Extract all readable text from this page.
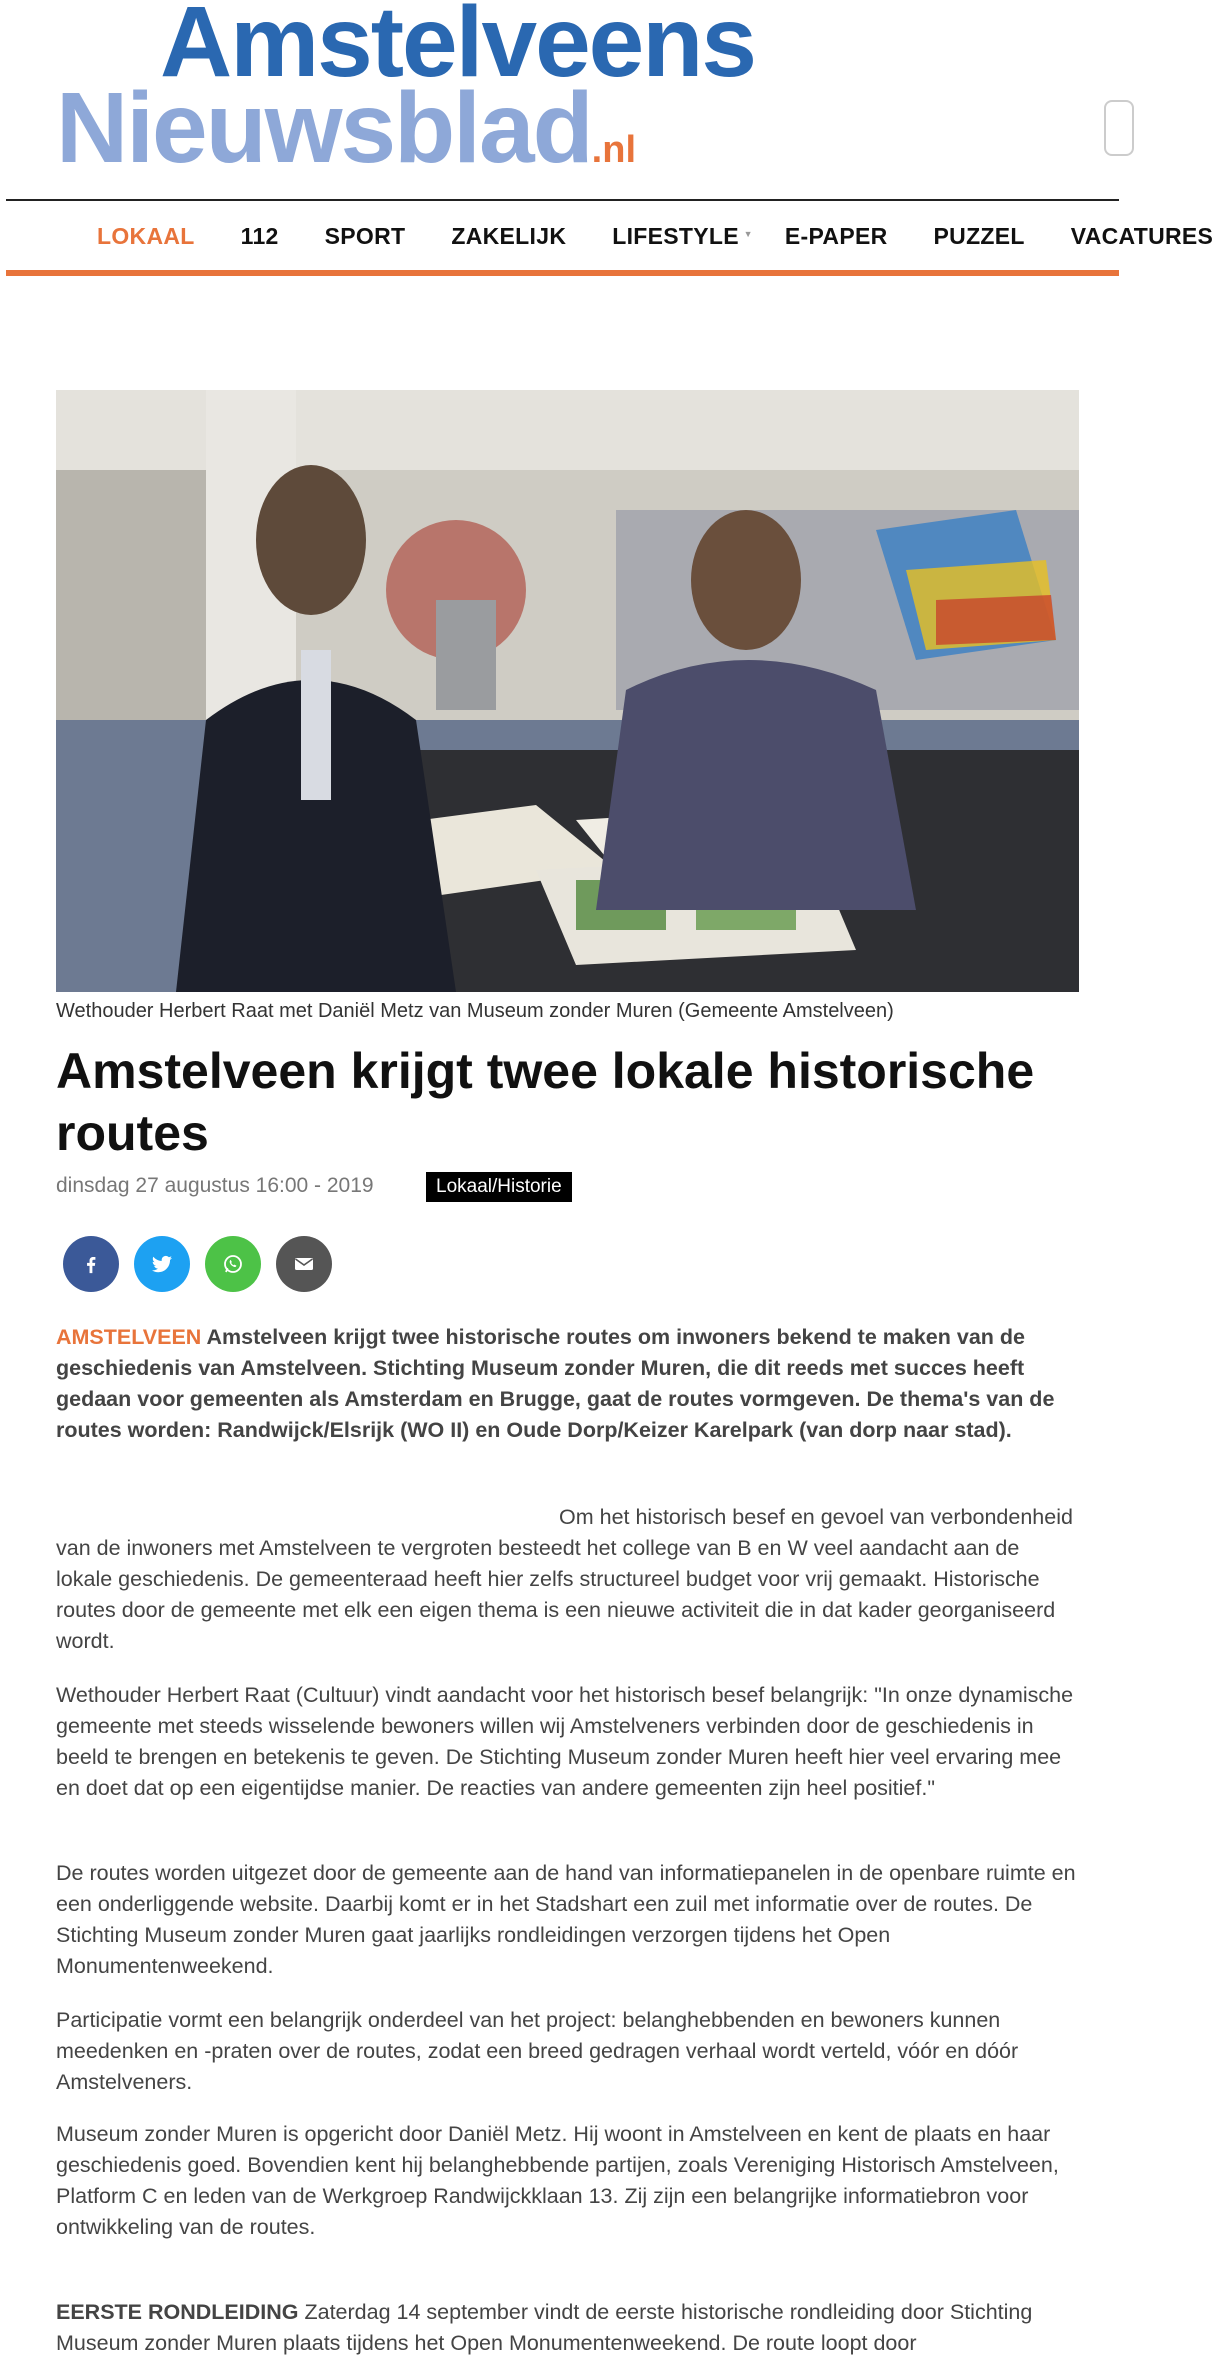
Amstelveens
Nieuwsblad.nl
LOKAAL 112 SPORT ZAKELIJK LIFESTYLE ▼ E-PAPER PUZZEL VACATURES
Wethouder Herbert Raat met Daniël Metz van Museum zonder Muren (Gemeente Amstelveen)
Amstelveen krijgt twee lokale historische routes
dinsdag 27 augustus 16:00 - 2019	Lokaal/Historie

AMSTELVEEN Amstelveen krijgt twee historische routes om inwoners bekend te maken van de geschiedenis van Amstelveen. Stichting Museum zonder Muren, die dit reeds met succes heeft gedaan voor gemeenten als Amsterdam en Brugge, gaat de routes vormgeven. De thema's van de routes worden: Randwijck/Elsrijk (WO II) en Oude Dorp/Keizer Karelpark (van dorp naar stad).

Om het historisch besef en gevoel van verbondenheid van de inwoners met Amstelveen te vergroten besteedt het college van B en W veel aandacht aan de lokale geschiedenis. De gemeenteraad heeft hier zelfs structureel budget voor vrij gemaakt. Historische routes door de gemeente met elk een eigen thema is een nieuwe activiteit die in dat kader georganiseerd wordt.

Wethouder Herbert Raat (Cultuur) vindt aandacht voor het historisch besef belangrijk: "In onze dynamische gemeente met steeds wisselende bewoners willen wij Amstelveners verbinden door de geschiedenis in beeld te brengen en betekenis te geven. De Stichting Museum zonder Muren heeft hier veel ervaring mee en doet dat op een eigentijdse manier. De reacties van andere gemeenten zijn heel positief."

De routes worden uitgezet door de gemeente aan de hand van informatiepanelen in de openbare ruimte en een onderliggende website. Daarbij komt er in het Stadshart een zuil met informatie over de routes. De Stichting Museum zonder Muren gaat jaarlijks rondleidingen verzorgen tijdens het Open Monumentenweekend.

Participatie vormt een belangrijk onderdeel van het project: belanghebbenden en bewoners kunnen meedenken en -praten over de routes, zodat een breed gedragen verhaal wordt verteld, vóór en dóór Amstelveners.

Museum zonder Muren is opgericht door Daniël Metz. Hij woont in Amstelveen en kent de plaats en haar geschiedenis goed. Bovendien kent hij belanghebbende partijen, zoals Vereniging Historisch Amstelveen, Platform C en leden van de Werkgroep Randwijckklaan 13. Zij zijn een belangrijke informatiebron voor ontwikkeling van de routes.

EERSTE RONDLEIDING Zaterdag 14 september vindt de eerste historische rondleiding door Stichting Museum zonder Muren plaats tijdens het Open Monumentenweekend. De route loopt door
